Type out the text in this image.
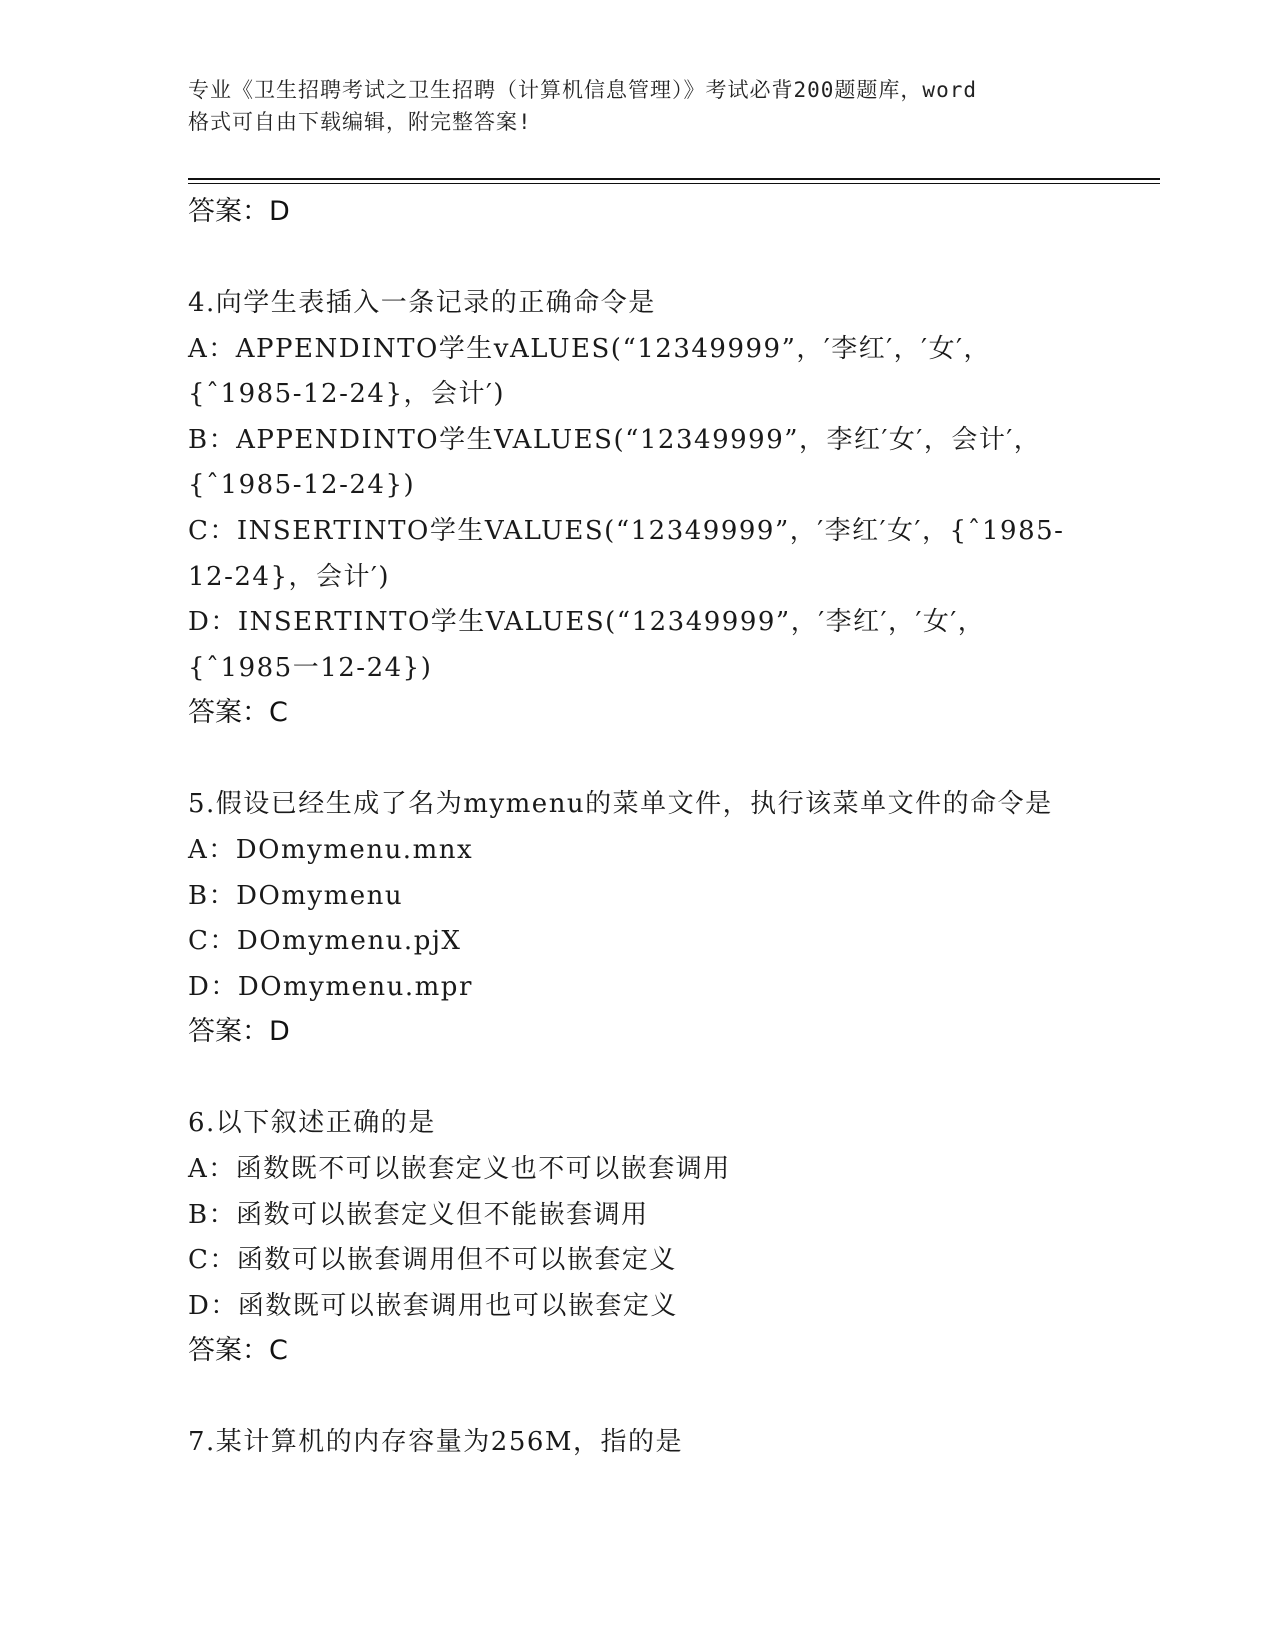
专业《卫生招聘考试之卫生招聘（计算机信息管理）》考试必背200题题库，word
格式可自由下载编辑，附完整答案!
答案：D
4.向学生表插入一条记录的正确命令是
A：APPENDINTO学生vALUES(“12349999”，′李红′，′女′，
{ˆ1985-12-24}，会计′)
B：APPENDINTO学生VALUES(“12349999”，李红′女′，会计′，
{ˆ1985-12-24})
C：INSERTINTO学生VALUES(“12349999”，′李红′女′，{ˆ1985-
12-24}，会计′)
D：INSERTINTO学生VALUES(“12349999”，′李红′，′女′，
{ˆ1985一12-24})
答案：C
5.假设已经生成了名为mymenu的菜单文件，执行该菜单文件的命令是
A：DOmymenu.mnx
B：DOmymenu
C：DOmymenu.pjX
D：DOmymenu.mpr
答案：D
6.以下叙述正确的是
A：函数既不可以嵌套定义也不可以嵌套调用
B：函数可以嵌套定义但不能嵌套调用
C：函数可以嵌套调用但不可以嵌套定义
D：函数既可以嵌套调用也可以嵌套定义
答案：C
7.某计算机的内存容量为256M，指的是
